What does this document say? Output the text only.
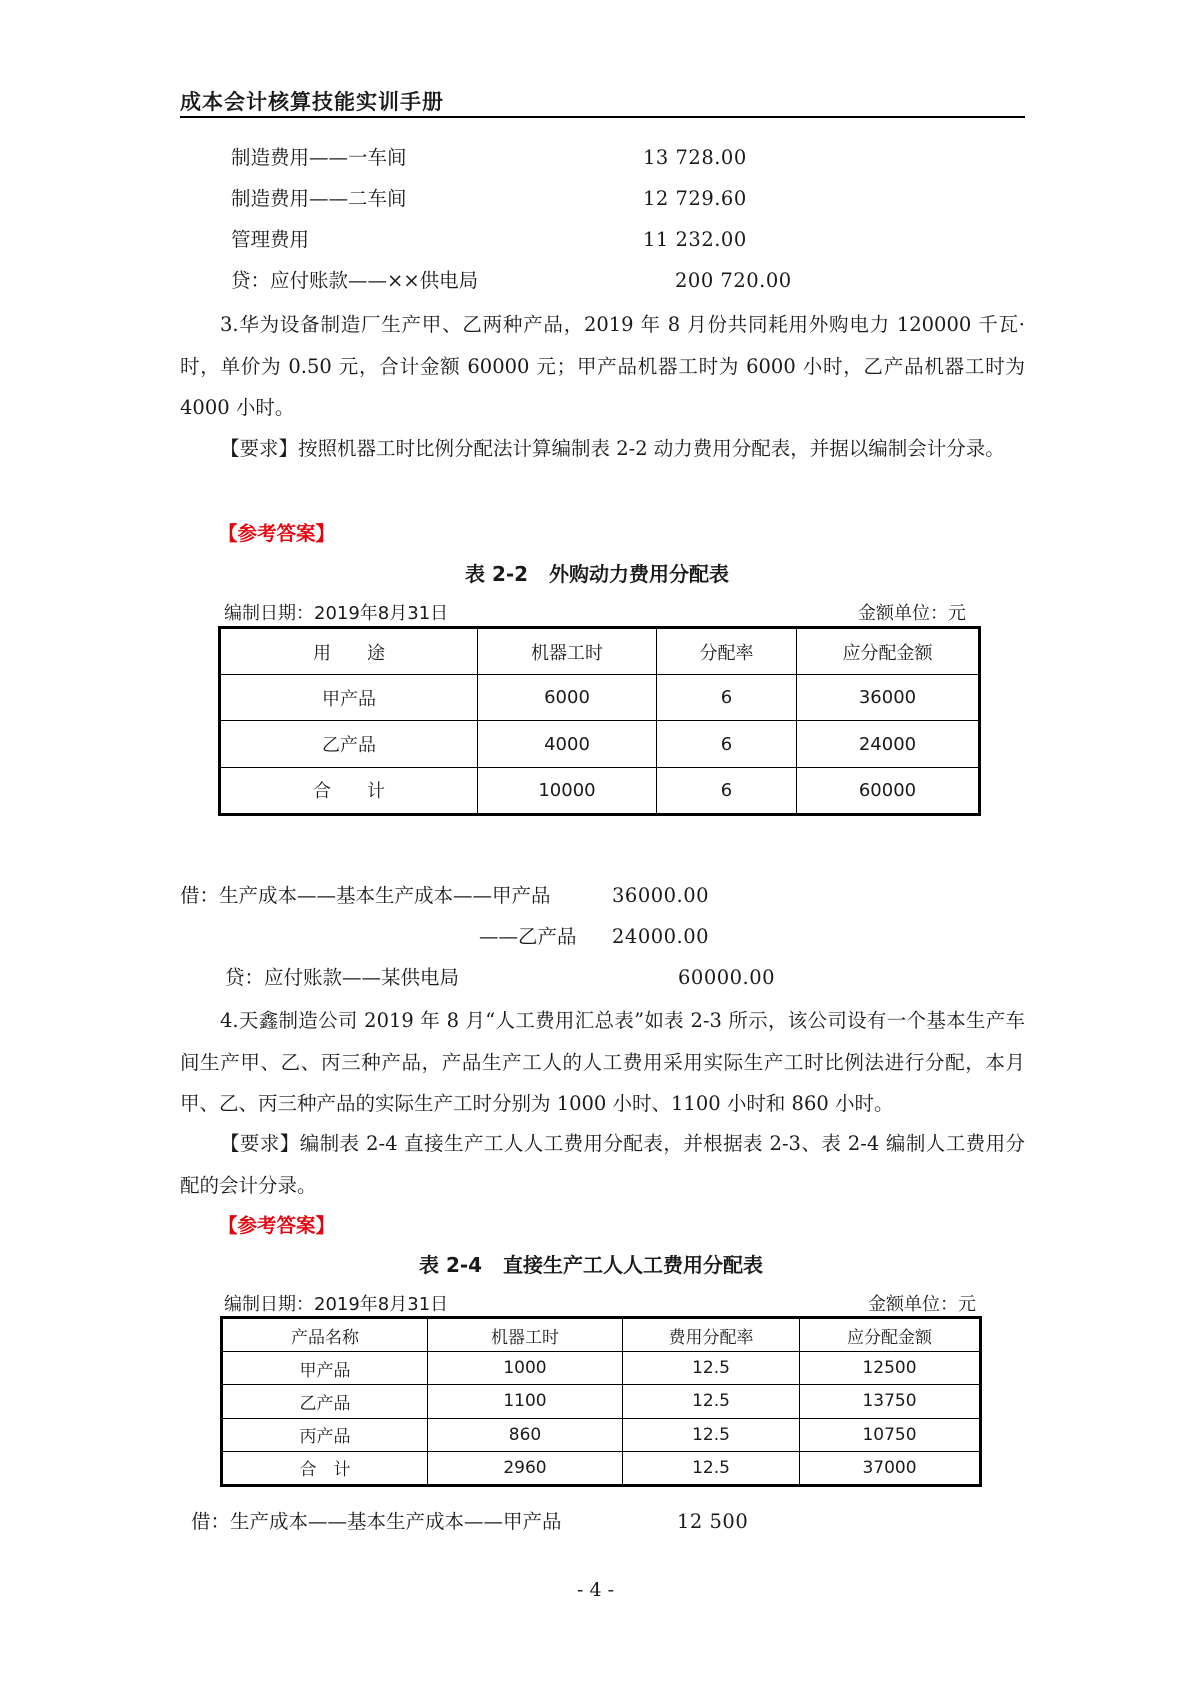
成本会计核算技能实训手册
制造费用——一车间	13 728.00
制造费用——二车间	12 729.60
管理费用	11 232.00
贷：应付账款——××供电局	200 720.00
3.华为设备制造厂生产甲、乙两种产品，2019 年 8 月份共同耗用外购电力 120000 千瓦·时，单价为 0.50 元，合计金额 60000 元；甲产品机器工时为 6000 小时，乙产品机器工时为 4000 小时。
【要求】按照机器工时比例分配法计算编制表 2-2 动力费用分配表，并据以编制会计分录。
【参考答案】
表 2-2   外购动力费用分配表
编制日期：2019年8月31日	金额单位：元
用　　途	机器工时	分配率	应分配金额
甲产品	6000	6	36000
乙产品	4000	6	24000
合　　计	10000	6	60000
借：生产成本——基本生产成本——甲产品	36000.00
——乙产品 24000.00
贷：应付账款——某供电局	60000.00
4.天鑫制造公司 2019 年 8 月“人工费用汇总表”如表 2-3 所示，该公司设有一个基本生产车间生产甲、乙、丙三种产品，产品生产工人的人工费用采用实际生产工时比例法进行分配，本月甲、乙、丙三种产品的实际生产工时分别为 1000 小时、1100 小时和 860 小时。
【要求】编制表 2-4 直接生产工人人工费用分配表，并根据表 2-3、表 2-4 编制人工费用分配的会计分录。
【参考答案】
表 2-4   直接生产工人人工费用分配表
编制日期：2019年8月31日	金额单位：元
产品名称	机器工时	费用分配率	应分配金额
甲产品	1000	12.5	12500
乙产品	1100	12.5	13750
丙产品	860	12.5	10750
合　计	2960	12.5	37000
借：生产成本——基本生产成本——甲产品	12 500
- 4 -
